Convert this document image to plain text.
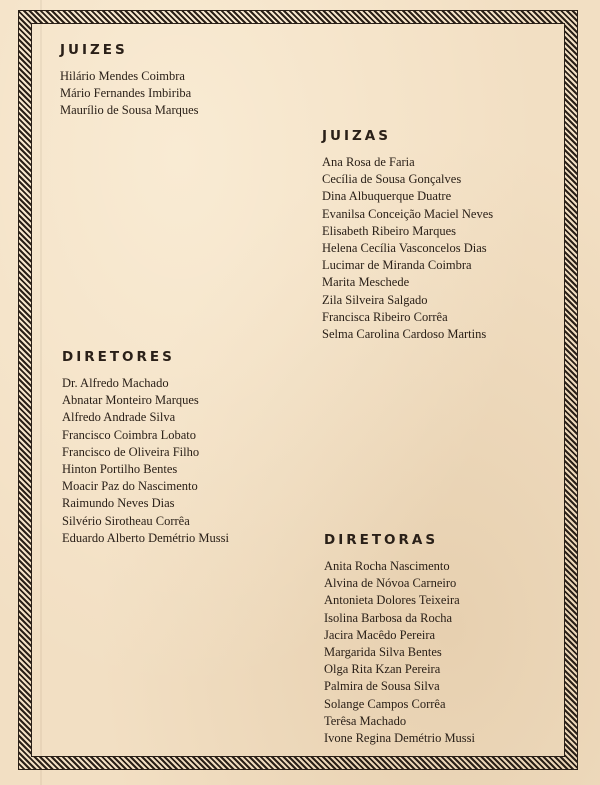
JUIZES
Hilário Mendes Coimbra
Mário Fernandes Imbiriba
Maurílio de Sousa Marques
JUIZAS
Ana Rosa de Faria
Cecília de Sousa Gonçalves
Dina Albuquerque Duatre
Evanilsa Conceição Maciel Neves
Elisabeth Ribeiro Marques
Helena Cecília Vasconcelos Dias
Lucimar de Miranda Coimbra
Marita Meschede
Zila Silveira Salgado
Francisca Ribeiro Corrêa
Selma Carolina Cardoso Martins
DIRETORES
Dr. Alfredo Machado
Abnatar Monteiro Marques
Alfredo Andrade Silva
Francisco Coimbra Lobato
Francisco de Oliveira Filho
Hinton Portilho Bentes
Moacir Paz do Nascimento
Raimundo Neves Dias
Silvério Sirotheau Corrêa
Eduardo Alberto Demétrio Mussi	DIRETORAS
Anita Rocha Nascimento
Alvina de Nóvoa Carneiro
Antonieta Dolores Teixeira
Isolina Barbosa da Rocha
Jacira Macêdo Pereira
Margarida Silva Bentes
Olga Rita Kzan Pereira
Palmira de Sousa Silva
Solange Campos Corrêa
Terêsa Machado
Ivone Regina Demétrio Mussi
